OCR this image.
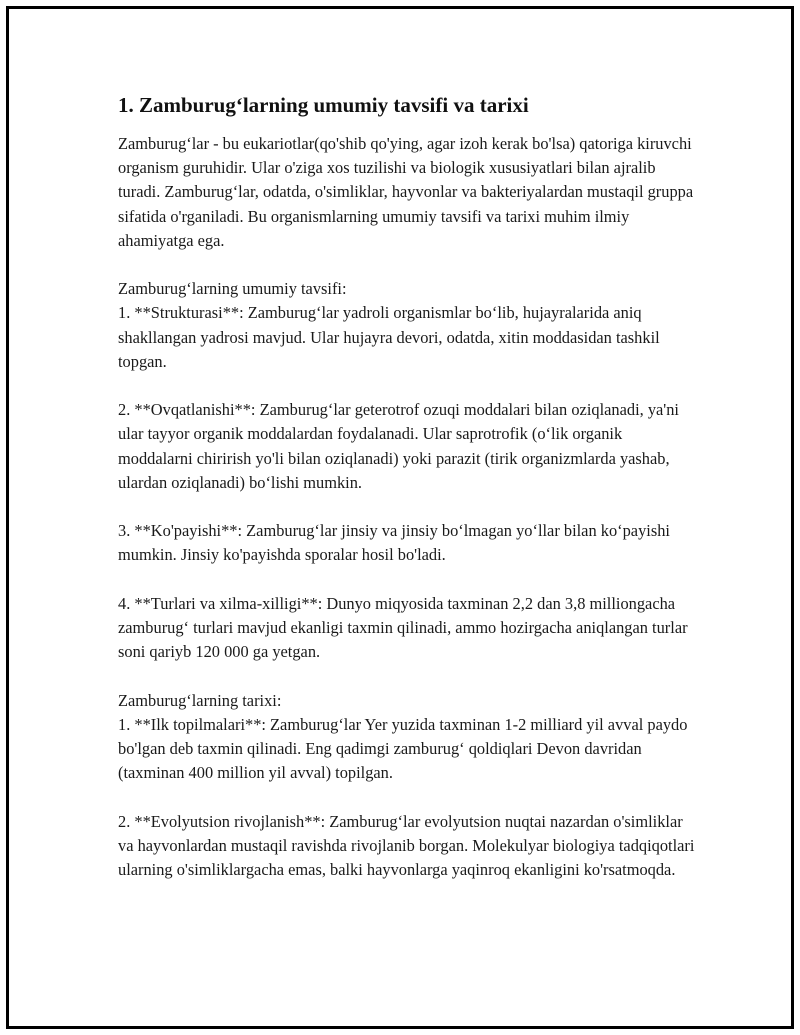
1. Zamburug‘larning umumiy tavsifi va tarixi

Zamburug‘lar - bu eukariotlar(qo'shib qo'ying, agar izoh kerak bo'lsa) qatoriga kiruvchi organism guruhidir. Ular o'ziga xos tuzilishi va biologik xususiyatlari bilan ajralib turadi. Zamburug‘lar, odatda, o'simliklar, hayvonlar va bakteriyalardan mustaqil gruppa sifatida o'rganiladi. Bu organismlarning umumiy tavsifi va tarixi muhim ilmiy ahamiyatga ega.

Zamburug‘larning umumiy tavsifi:

1. **Strukturasi**: Zamburug‘lar yadroli organismlar bo‘lib, hujayralarida aniq shakllangan yadrosi mavjud. Ular hujayra devori, odatda, xitin moddasidan tashkil topgan.

2. **Ovqatlanishi**: Zamburug‘lar geterotrof ozuqi moddalari bilan oziqlanadi, ya'ni ular tayyor organik moddalardan foydalanadi. Ular saprotrofik (o‘lik organik moddalarni chirirish yo'li bilan oziqlanadi) yoki parazit (tirik organizmlarda yashab, ulardan oziqlanadi) bo‘lishi mumkin.

3. **Ko'payishi**: Zamburug‘lar jinsiy va jinsiy bo‘lmagan yo‘llar bilan ko‘payishi mumkin. Jinsiy ko'payishda sporalar hosil bo'ladi.

4. **Turlari va xilma-xilligi**: Dunyo miqyosida taxminan 2,2 dan 3,8 milliongacha zamburug‘ turlari mavjud ekanligi taxmin qilinadi, ammo hozirgacha aniqlangan turlar soni qariyb 120 000 ga yetgan.

Zamburug‘larning tarixi:

1. **Ilk topilmalari**: Zamburug‘lar Yer yuzida taxminan 1-2 milliard yil avval paydo bo'lgan deb taxmin qilinadi. Eng qadimgi zamburug‘ qoldiqlari Devon davridan (taxminan 400 million yil avval) topilgan.

2. **Evolyutsion rivojlanish**: Zamburug‘lar evolyutsion nuqtai nazardan o'simliklar va hayvonlardan mustaqil ravishda rivojlanib borgan. Molekulyar biologiya tadqiqotlari ularning o'simliklargacha emas, balki hayvonlarga yaqinroq ekanligini ko'rsatmoqda.
